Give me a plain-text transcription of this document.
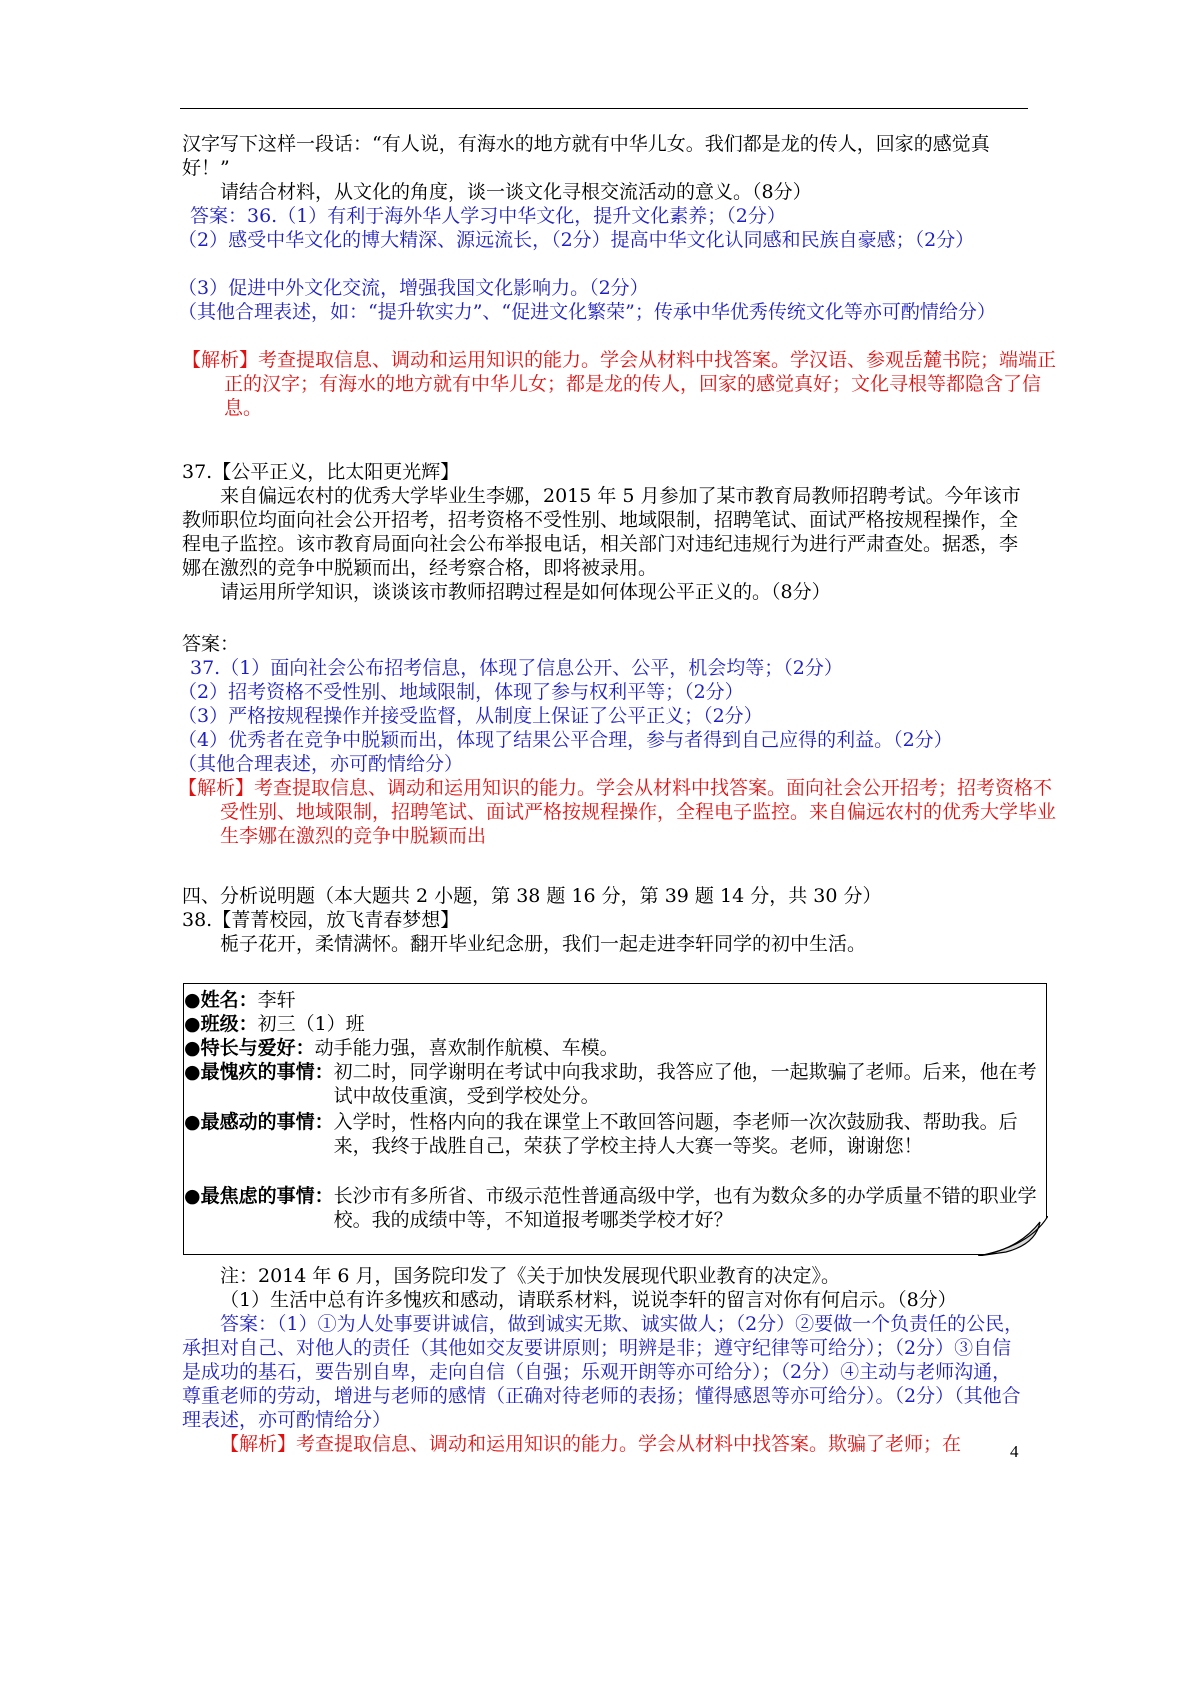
汉字写下这样一段话：“有人说，有海水的地方就有中华儿女。我们都是龙的传人，回家的感觉真好！”

请结合材料，从文化的角度，谈一谈文化寻根交流活动的意义。（8分）

答案：36.（1）有利于海外华人学习中华文化，提升文化素养；（2分）

（2）感受中华文化的博大精深、源远流长，（2分）提高中华文化认同感和民族自豪感；（2分）

（3）促进中外文化交流，增强我国文化影响力。（2分）

（其他合理表述，如：“提升软实力”、“促进文化繁荣”；传承中华优秀传统文化等亦可酌情给分）

【解析】考查提取信息、调动和运用知识的能力。学会从材料中找答案。学汉语、参观岳麓书院；端端正正的汉字；有海水的地方就有中华儿女；都是龙的传人，回家的感觉真好；文化寻根等都隐含了信息。

37.【公平正义，比太阳更光辉】

来自偏远农村的优秀大学毕业生李娜，2015 年 5 月参加了某市教育局教师招聘考试。今年该市教师职位均面向社会公开招考，招考资格不受性别、地域限制，招聘笔试、面试严格按规程操作，全程电子监控。该市教育局面向社会公布举报电话，相关部门对违纪违规行为进行严肃查处。据悉，李娜在激烈的竞争中脱颖而出，经考察合格，即将被录用。

请运用所学知识，谈谈该市教师招聘过程是如何体现公平正义的。（8分）

答案：

37.（1）面向社会公布招考信息，体现了信息公开、公平，机会均等；（2分）

（2）招考资格不受性别、地域限制，体现了参与权利平等；（2分）

（3）严格按规程操作并接受监督，从制度上保证了公平正义；（2分）

（4）优秀者在竞争中脱颖而出，体现了结果公平合理，参与者得到自己应得的利益。（2分）

（其他合理表述，亦可酌情给分）

【解析】考查提取信息、调动和运用知识的能力。学会从材料中找答案。面向社会公开招考；招考资格不受性别、地域限制，招聘笔试、面试严格按规程操作，全程电子监控。来自偏远农村的优秀大学毕业生李娜在激烈的竞争中脱颖而出

四、分析说明题（本大题共 2 小题，第 38 题 16 分，第 39 题 14 分，共 30 分）

38.【菁菁校园，放飞青春梦想】

栀子花开，柔情满怀。翻开毕业纪念册，我们一起走进李轩同学的初中生活。

●姓名： 李轩
●班级： 初三（1）班
●特长与爱好： 动手能力强，喜欢制作航模、车模。
●最愧疚的事情： 初二时，同学谢明在考试中向我求助，我答应了他，一起欺骗了老师。后来，他在考试中故伎重演，受到学校处分。
●最感动的事情： 入学时，性格内向的我在课堂上不敢回答问题，李老师一次次鼓励我、帮助我。后来，我终于战胜自己，荣获了学校主持人大赛一等奖。老师，谢谢您！
●最焦虑的事情： 长沙市有多所省、市级示范性普通高级中学，也有为数众多的办学质量不错的职业学校。我的成绩中等，不知道报考哪类学校才好？

注：2014 年 6 月，国务院印发了《关于加快发展现代职业教育的决定》。

（1）生活中总有许多愧疚和感动，请联系材料，说说李轩的留言对你有何启示。（8分）

答案：（1）①为人处事要讲诚信，做到诚实无欺、诚实做人；（2分）②要做一个负责任的公民，承担对自己、对他人的责任（其他如交友要讲原则；明辨是非；遵守纪律等可给分）；（2分）③自信是成功的基石，要告别自卑，走向自信（自强；乐观开朗等亦可给分）；（2分）④主动与老师沟通，尊重老师的劳动，增进与老师的感情（正确对待老师的表扬；懂得感恩等亦可给分）。（2分）（其他合理表述，亦可酌情给分）

【解析】考查提取信息、调动和运用知识的能力。学会从材料中找答案。欺骗了老师；在	4
